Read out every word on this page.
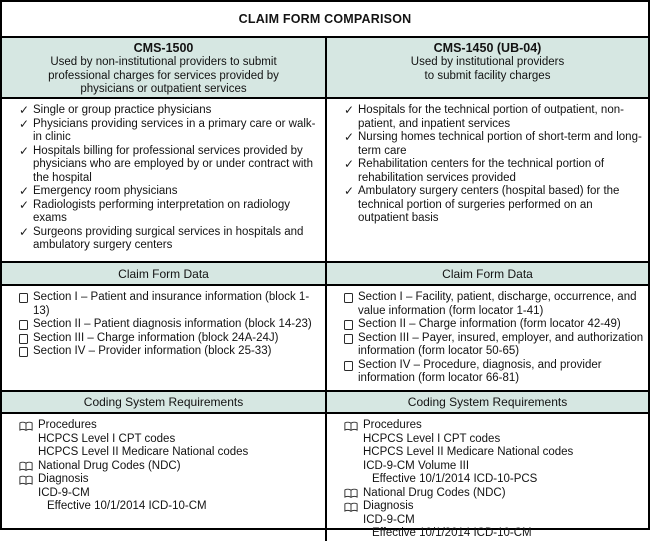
CLAIM FORM COMPARISON
CMS-1500
Used by non-institutional providers to submit
professional charges for services provided by
physicians or outpatient services
CMS-1450 (UB-04)
Used by institutional providers
to submit facility charges
✓ Single or group practice physicians
✓ Physicians providing services in a primary care or walk-in clinic
✓ Hospitals billing for professional services provided by physicians who are employed by or under contract with the hospital
✓ Emergency room physicians
✓ Radiologists performing interpretation on radiology exams
✓ Surgeons providing surgical services in hospitals and ambulatory surgery centers
✓ Hospitals for the technical portion of outpatient, non-patient, and inpatient services
✓ Nursing homes technical portion of short-term and long-term care
✓ Rehabilitation centers for the technical portion of rehabilitation services provided
✓ Ambulatory surgery centers (hospital based) for the technical portion of surgeries performed on an outpatient basis
Claim Form Data	Claim Form Data
Section I – Patient and insurance information (block 1-13)
Section II – Patient diagnosis information (block 14-23)
Section III – Charge information (block 24A-24J)
Section IV – Provider information (block 25-33)
Section I – Facility, patient, discharge, occurrence, and value information (form locator 1-41)
Section II – Charge information (form locator 42-49)
Section III – Payer, insured, employer, and authorization information (form locator 50-65)
Section IV – Procedure, diagnosis, and provider information (form locator 66-81)
Coding System Requirements	Coding System Requirements
Procedures
HCPCS Level I CPT codes
HCPCS Level II Medicare National codes
National Drug Codes (NDC)
Diagnosis
ICD-9-CM
Effective 10/1/2014 ICD-10-CM
Procedures
HCPCS Level I CPT codes
HCPCS Level II Medicare National codes
ICD-9-CM Volume III
Effective 10/1/2014 ICD-10-PCS
National Drug Codes (NDC)
Diagnosis
ICD-9-CM
Effective 10/1/2014 ICD-10-CM
